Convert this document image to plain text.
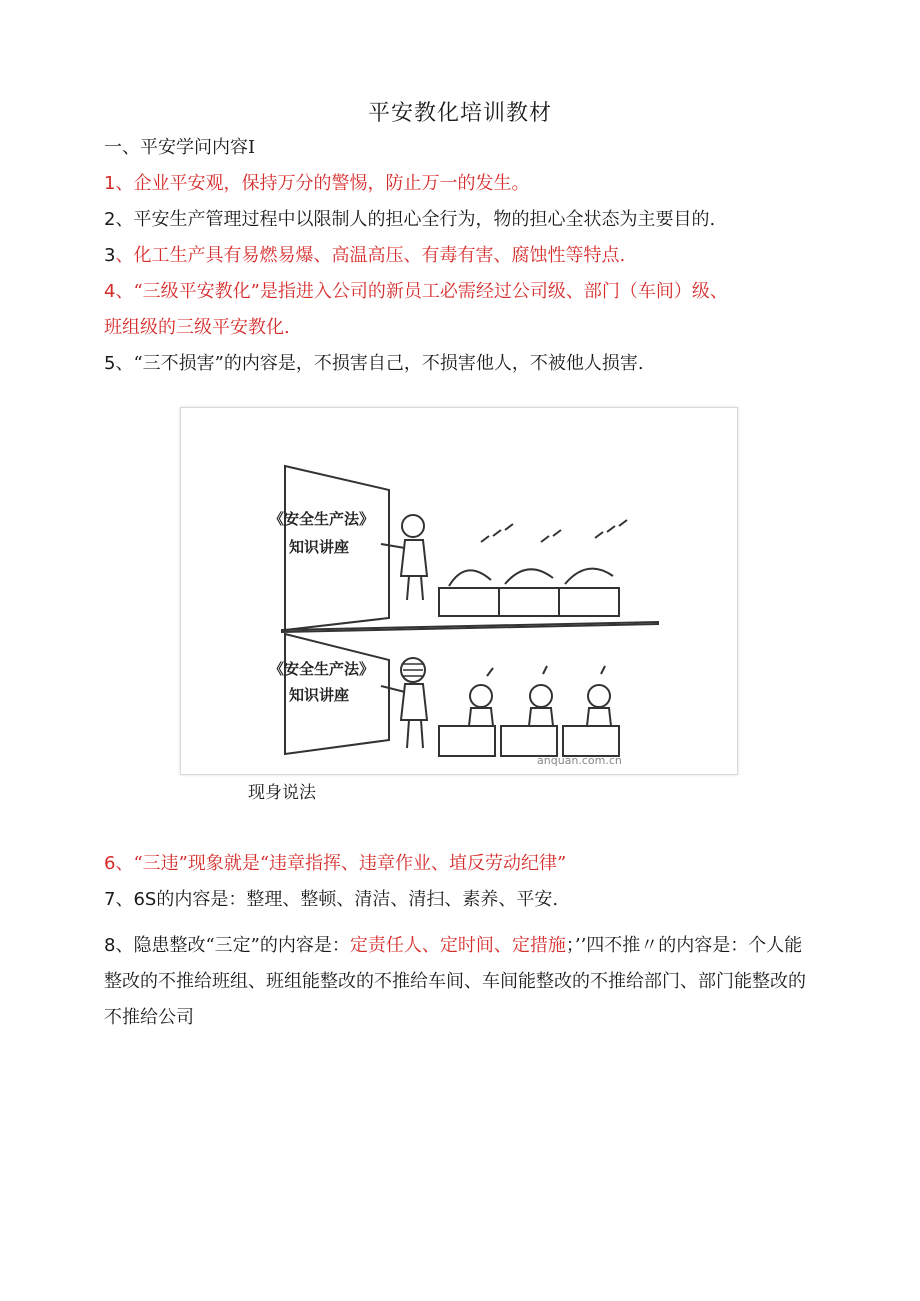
平安教化培训教材
一、平安学问内容I
1、企业平安观，保持万分的警惕，防止万一的发生。
2、平安生产管理过程中以限制人的担心全行为，物的担心全状态为主要目的.
3、化工生产具有易燃易爆、高温高压、有毒有害、腐蚀性等特点.
4、“三级平安教化”是指进入公司的新员工必需经过公司级、部门（车间）级、
班组级的三级平安教化.
5、“三不损害”的内容是，不损害自己，不损害他人，不被他人损害.
《安全生产法》
知识讲座
《安全生产法》
知识讲座
anquan.com.cn
现身说法
6、“三违”现象就是“违章指挥、违章作业、埴反劳动纪律”
7、6S的内容是：整理、整顿、清洁、清扫、素养、平安.
8、隐患整改“三定”的内容是：定责任人、定时间、定措施；’’四不推〃的内容是：个人能整改的不推给班组、班组能整改的不推给车间、车间能整改的不推给部门、部门能整改的不推给公司
